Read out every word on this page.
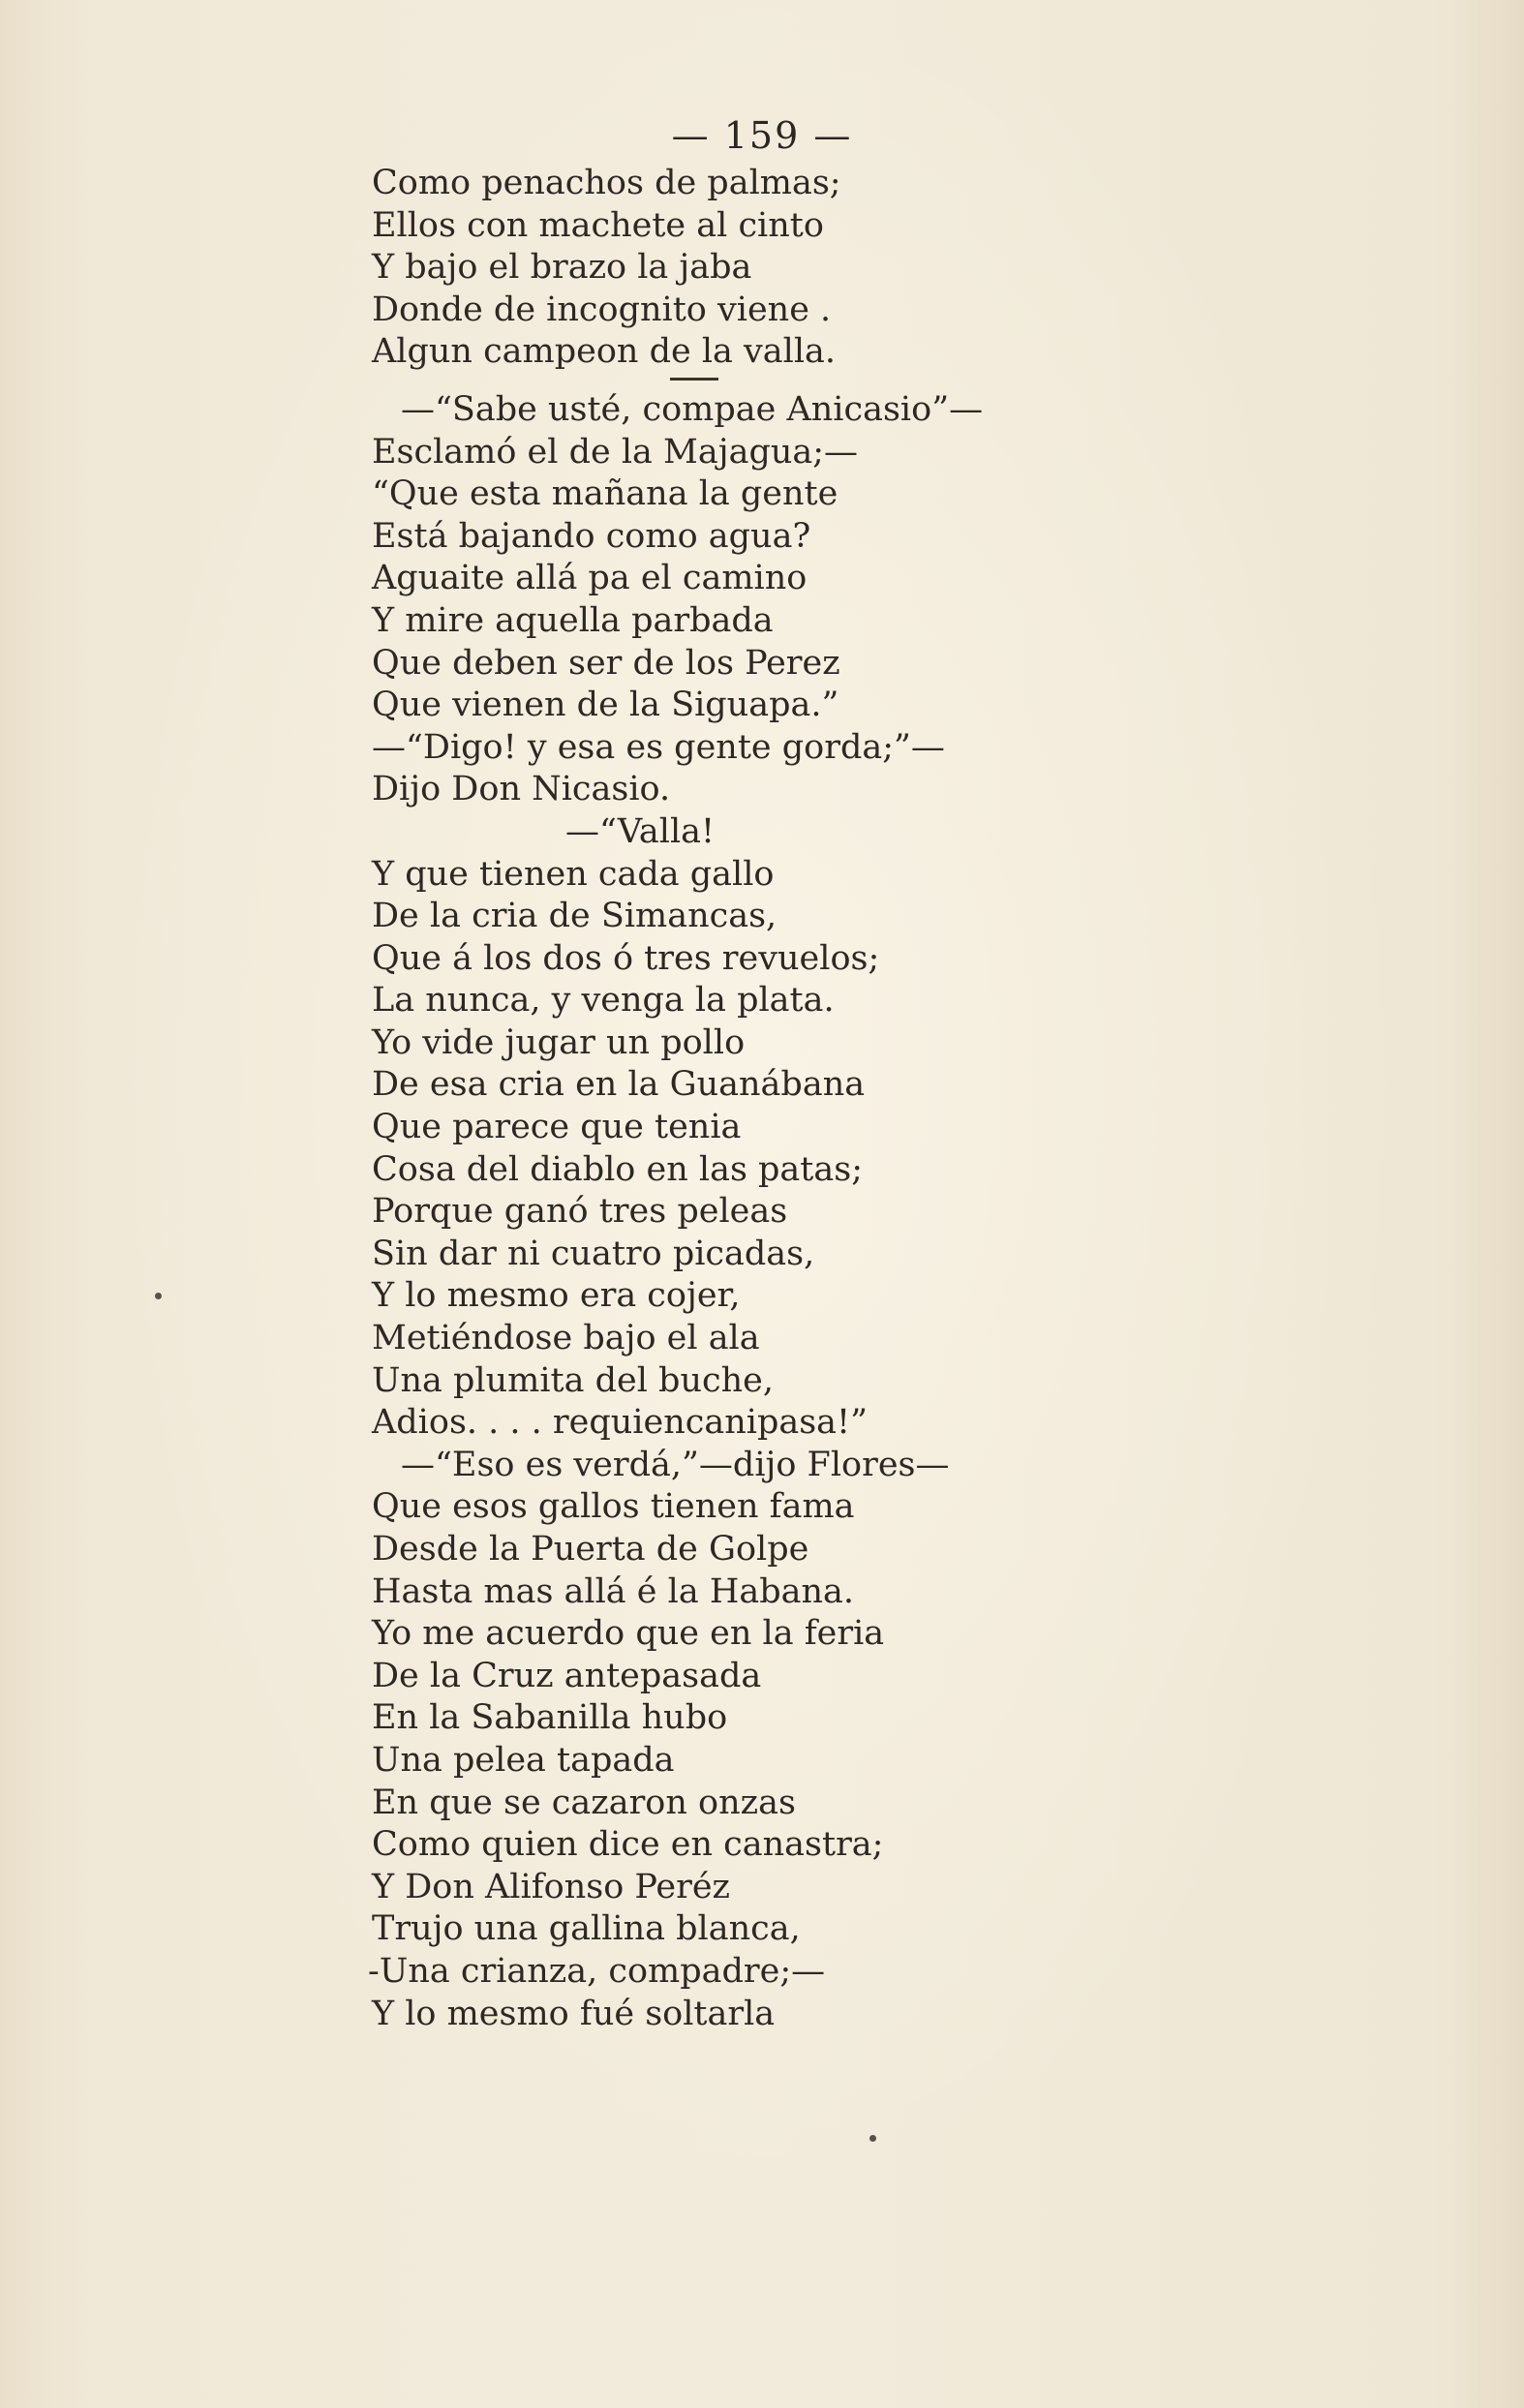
— 159 —
Como penachos de palmas;
Ellos con machete al cinto
Y bajo el brazo la jaba
Donde de incognito viene .
Algun campeon de la valla.
—“Sabe usté, compae Anicasio”—
Esclamó el de la Majagua;—
“Que esta mañana la gente
Está bajando como agua?
Aguaite allá pa el camino
Y mire aquella parbada
Que deben ser de los Perez
Que vienen de la Siguapa.”
—“Digo! y esa es gente gorda;”—
Dijo Don Nicasio.
—“Valla!
Y que tienen cada gallo
De la cria de Simancas,
Que á los dos ó tres revuelos;
La nunca, y venga la plata.
Yo vide jugar un pollo
De esa cria en la Guanábana
Que parece que tenia
Cosa del diablo en las patas;
Porque ganó tres peleas
Sin dar ni cuatro picadas,
Y lo mesmo era cojer,
Metiéndose bajo el ala
Una plumita del buche,
Adios. . . . requiencanipasa!”
—“Eso es verdá,”—dijo Flores—
Que esos gallos tienen fama
Desde la Puerta de Golpe
Hasta mas allá é la Habana.
Yo me acuerdo que en la feria
De la Cruz antepasada
En la Sabanilla hubo
Una pelea tapada
En que se cazaron onzas
Como quien dice en canastra;
Y Don Alifonso Peréz
Trujo una gallina blanca,
-Una crianza, compadre;—
Y lo mesmo fué soltarla
